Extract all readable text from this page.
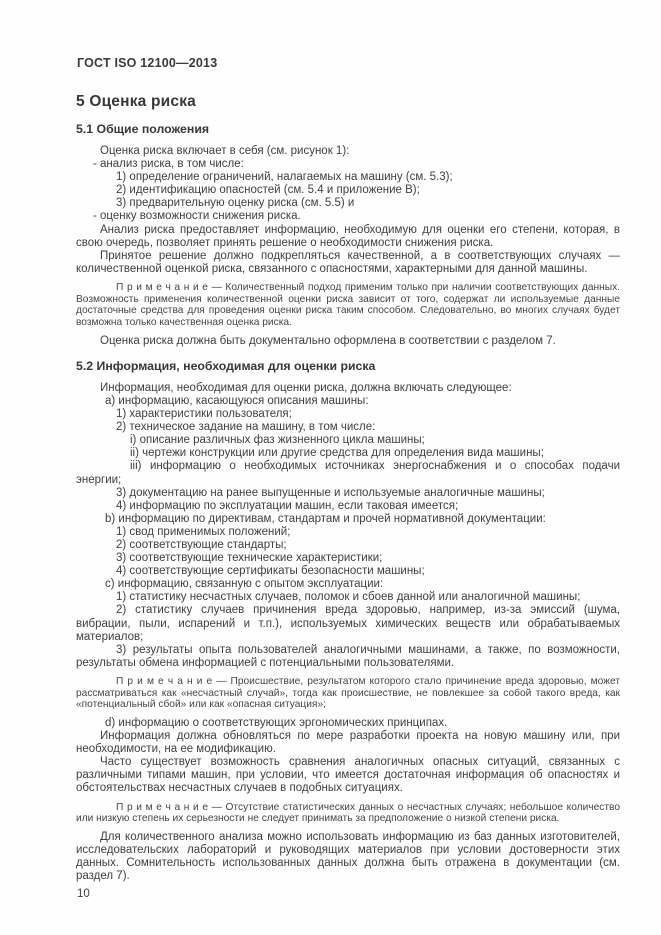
ГОСТ ISO 12100—2013
5 Оценка риска
5.1 Общие положения

Оценка риска включает в себя (см. рисунок 1):

- анализ риска, в том числе:

1) определение ограничений, налагаемых на машину (см. 5.3);

2) идентификацию опасностей (см. 5.4 и приложение B);

3) предварительную оценку риска (см. 5.5) и

- оценку возможности снижения риска.

Анализ риска предоставляет информацию, необходимую для оценки его степени, которая, в свою очередь, позволяет принять решение о необходимости снижения риска.

Принятое решение должно подкрепляться качественной, а в соответствующих случаях — количественной оценкой риска, связанного с опасностями, характерными для данной машины.

П р и м е ч а н и е — Количественный подход применим только при наличии соответствующих данных. Возможность применения количественной оценки риска зависит от того, содержат ли используемые данные достаточные средства для проведения оценки риска таким способом. Следовательно, во многих случаях будет возможна только качественная оценка риска.

Оценка риска должна быть документально оформлена в соответствии с разделом 7.

5.2 Информация, необходимая для оценки риска

Информация, необходимая для оценки риска, должна включать следующее:

a) информацию, касающуюся описания машины:

1) характеристики пользователя;

2) техническое задание на машину, в том числе:

i) описание различных фаз жизненного цикла машины;

ii) чертежи конструкции или другие средства для определения вида машины;

iii) информацию о необходимых источниках энергоснабжения и о способах подачи энергии;

3) документацию на ранее выпущенные и используемые аналогичные машины;

4) информацию по эксплуатации машин, если таковая имеется;

b) информацию по директивам, стандартам и прочей нормативной документации:

1) свод применимых положений;

2) соответствующие стандарты;

3) соответствующие технические характеристики;

4) соответствующие сертификаты безопасности машины;

c) информацию, связанную с опытом эксплуатации:

1) статистику несчастных случаев, поломок и сбоев данной или аналогичной машины;

2) статистику случаев причинения вреда здоровью, например, из-за эмиссий (шума, вибрации, пыли, испарений и т.п.), используемых химических веществ или обрабатываемых материалов;

3) результаты опыта пользователей аналогичными машинами, а также, по возможности, результаты обмена информацией с потенциальными пользователями.

П р и м е ч а н и е — Происшествие, результатом которого стало причинение вреда здоровью, может рассматриваться как «несчастный случай», тогда как происшествие, не повлекшее за собой такого вреда, как «потенциальный сбой» или как «опасная ситуация»;

d) информацию о соответствующих эргономических принципах.

Информация должна обновляться по мере разработки проекта на новую машину или, при необходимости, на ее модификацию.

Часто существует возможность сравнения аналогичных опасных ситуаций, связанных с различными типами машин, при условии, что имеется достаточная информация об опасностях и обстоятельствах несчастных случаев в подобных ситуациях.

П р и м е ч а н и е — Отсутствие статистических данных о несчастных случаях; небольшое количество или низкую степень их серьезности не следует принимать за предположение о низкой степени риска.

Для количественного анализа можно использовать информацию из баз данных изготовителей, исследовательских лабораторий и руководящих материалов при условии достоверности этих данных. Сомнительность использованных данных должна быть отражена в документации (см. раздел 7).

10
